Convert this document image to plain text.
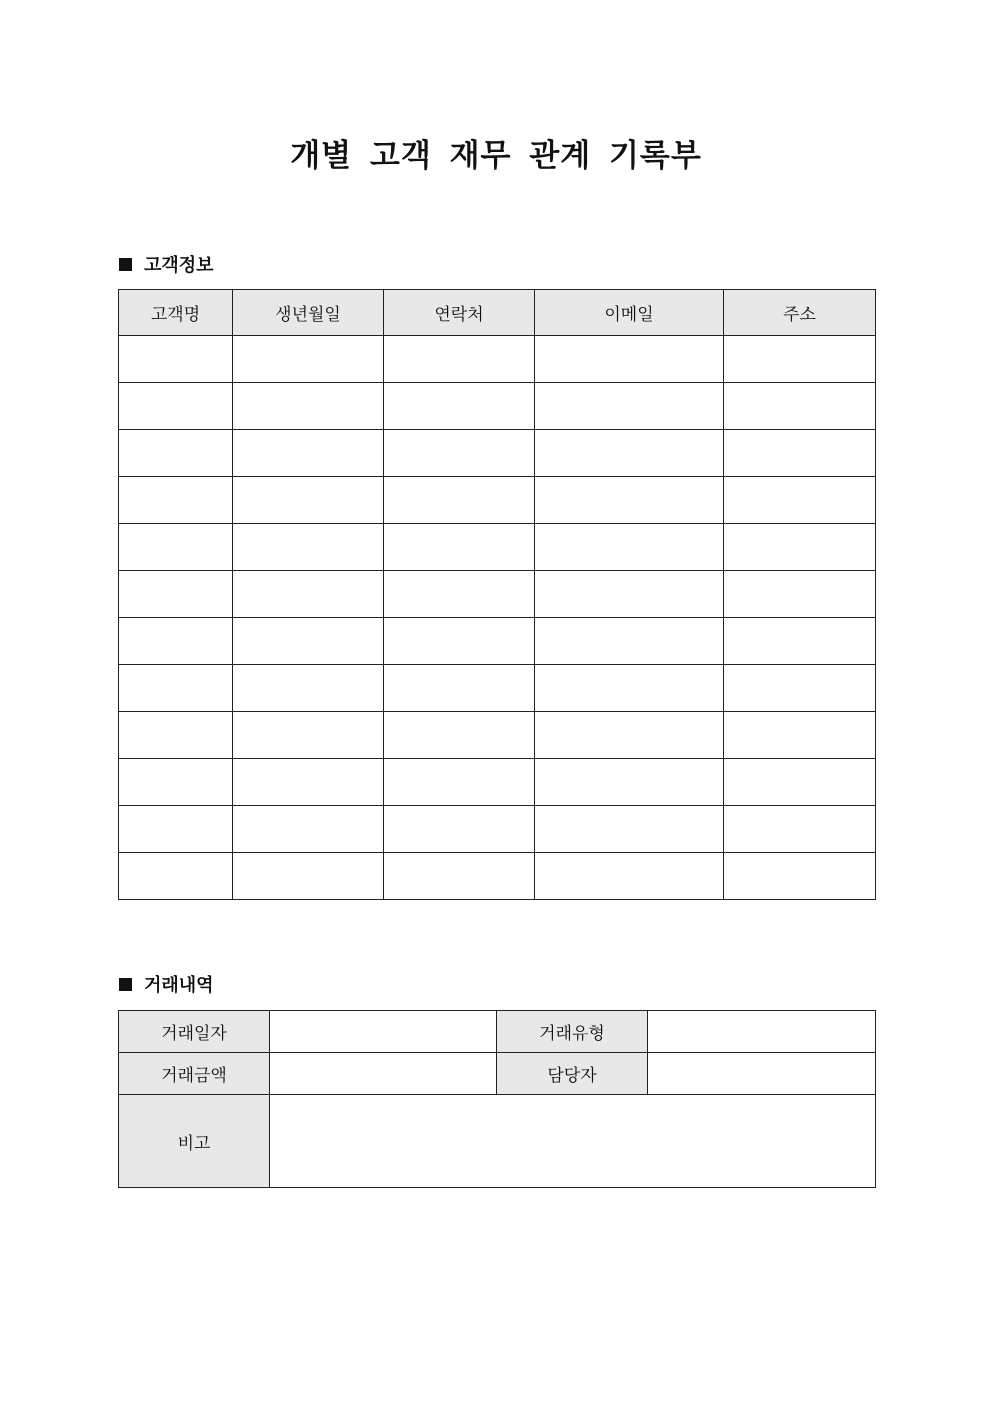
개별 고객 재무 관계 기록부
고객정보
고객명	생년월일	연락처	이메일	주소

거래내역
거래일자		거래유형	
거래금액		담당자	
비고			
